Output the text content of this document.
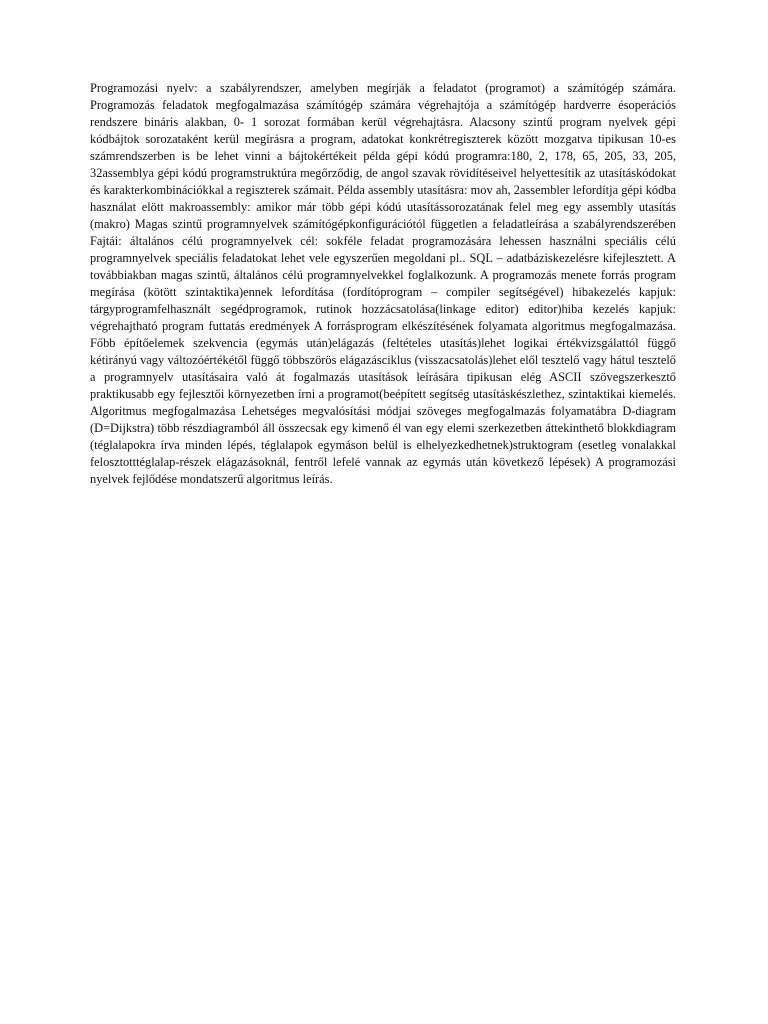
Programozási nyelv: a szabályrendszer, amelyben megírják a feladatot (programot) a számítógép számára. Programozás feladatok megfogalmazása számítógép számára végrehajtója a számítógép hardverre ésoperációs rendszere bináris alakban, 0- 1 sorozat formában kerül végrehajtásra. Alacsony szintű program nyelvek gépi kódbájtok sorozataként kerül megírásra a program, adatokat konkrétregiszterek között mozgatva tipikusan 10-es számrendszerben is be lehet vinni a bájtokértékeit példa gépi kódú programra:180, 2, 178, 65, 205, 33, 205, 32assemblya gépi kódú programstruktúra megőrződig, de angol szavak rövidítéseivel helyettesítik az utasításkódokat és karakterkombinációkkal a regiszterek számait. Példa assembly utasításra: mov ah, 2assembler lefordítja gépi kódba használat elött makroassembly: amikor már több gépi kódú utasítássorozatának felel meg egy assembly utasítás (makro) Magas szintű programnyelvek számítógépkonfigurációtól független a feladatleírása a szabályrendszerében Fajtái: általános célú programnyelvek cél: sokféle feladat programozására lehessen használni speciális célú programnyelvek speciális feladatokat lehet vele egyszerűen megoldani pl.. SQL – adatbáziskezelésre kifejlesztett. A továbbiakban magas szintű, általános célú programnyelvekkel foglalkozunk. A programozás menete forrás program megírása (kötött szintaktika)ennek lefordítása (fordítóprogram – compiler segítségével) hibakezelés kapjuk: tárgyprogramfelhasznált segédprogramok, rutinok hozzácsatolása(linkage editor) editor)hiba kezelés kapjuk: végrehajtható program futtatás eredmények A forrásprogram elkészítésének folyamata algoritmus megfogalmazása. Főbb építőelemek szekvencia (egymás után)elágazás (feltételes utasítás)lehet logikai értékvizsgálattól függő kétirányú vagy változóértékétől függő többszörös elágazásciklus (visszacsatolás)lehet elől tesztelő vagy hátul tesztelő a programnyelv utasításaira való át fogalmazás utasítások leírására tipikusan elég ASCII szövegszerkesztő praktikusabb egy fejlesztői környezetben írni a programot(beépített segítség utasításkészlethez, szintaktikai kiemelés. Algoritmus megfogalmazása Lehetséges megvalósítási módjai szöveges megfogalmazás folyamatábra D-diagram (D=Dijkstra) több részdiagramból áll összecsak egy kimenő él van egy elemi szerkezetben áttekinthető blokkdiagram (téglalapokra írva minden lépés, téglalapok egymáson belül is elhelyezkedhetnek)struktogram (esetleg vonalakkal felosztotttéglalap-részek elágazásoknál, fentről lefelé vannak az egymás után következő lépések) A programozási nyelvek fejlődése mondatszerű algoritmus leírás.
